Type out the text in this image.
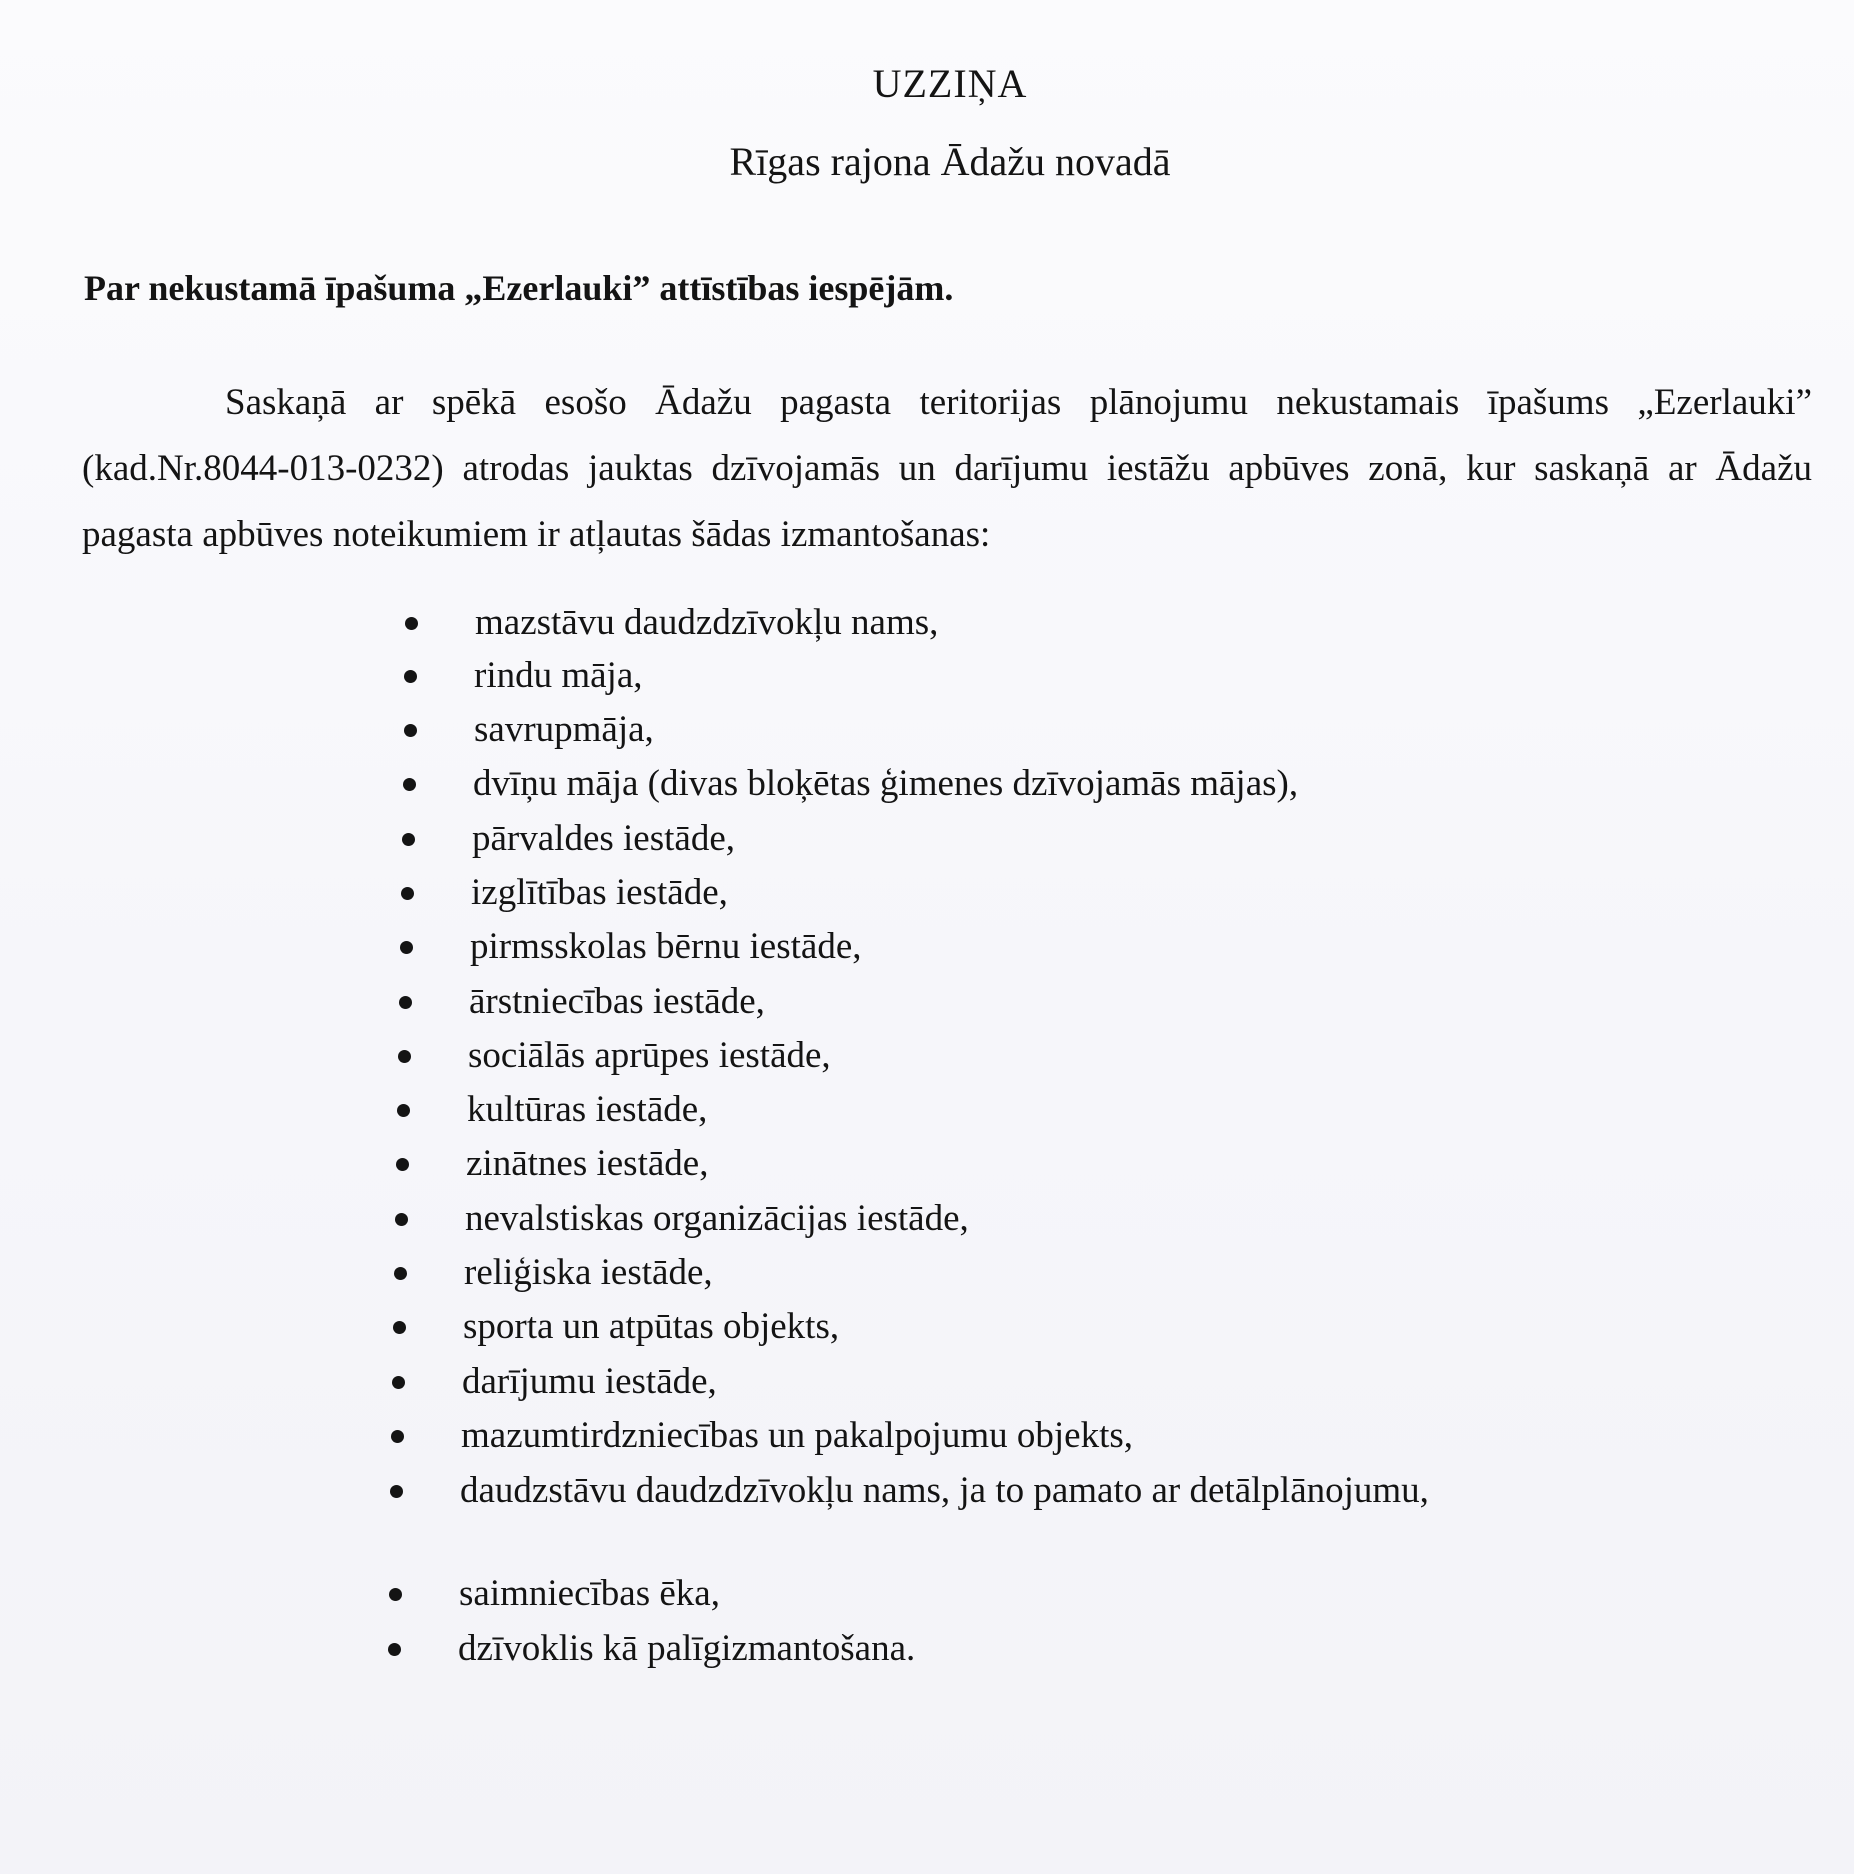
UZZIŅA
Rīgas rajona Ādažu novadā
Par nekustamā īpašuma „Ezerlauki” attīstības iespējām.
Saskaņā ar spēkā esošo Ādažu pagasta teritorijas plānojumu nekustamais īpašums „Ezerlauki” (kad.Nr.8044-013-0232) atrodas jauktas dzīvojamās un darījumu iestāžu apbūves zonā, kur saskaņā ar Ādažu pagasta apbūves noteikumiem ir atļautas šādas izmantošanas:
mazstāvu daudzdzīvokļu nams,
rindu māja,
savrupmāja,
dvīņu māja (divas bloķētas ģimenes dzīvojamās mājas),
pārvaldes iestāde,
izglītības iestāde,
pirmsskolas bērnu iestāde,
ārstniecības iestāde,
sociālās aprūpes iestāde,
kultūras iestāde,
zinātnes iestāde,
nevalstiskas organizācijas iestāde,
reliģiska iestāde,
sporta un atpūtas objekts,
darījumu iestāde,
mazumtirdzniecības un pakalpojumu objekts,
daudzstāvu daudzdzīvokļu nams, ja to pamato ar detālplānojumu,
saimniecības ēka,
dzīvoklis kā palīgizmantošana.
